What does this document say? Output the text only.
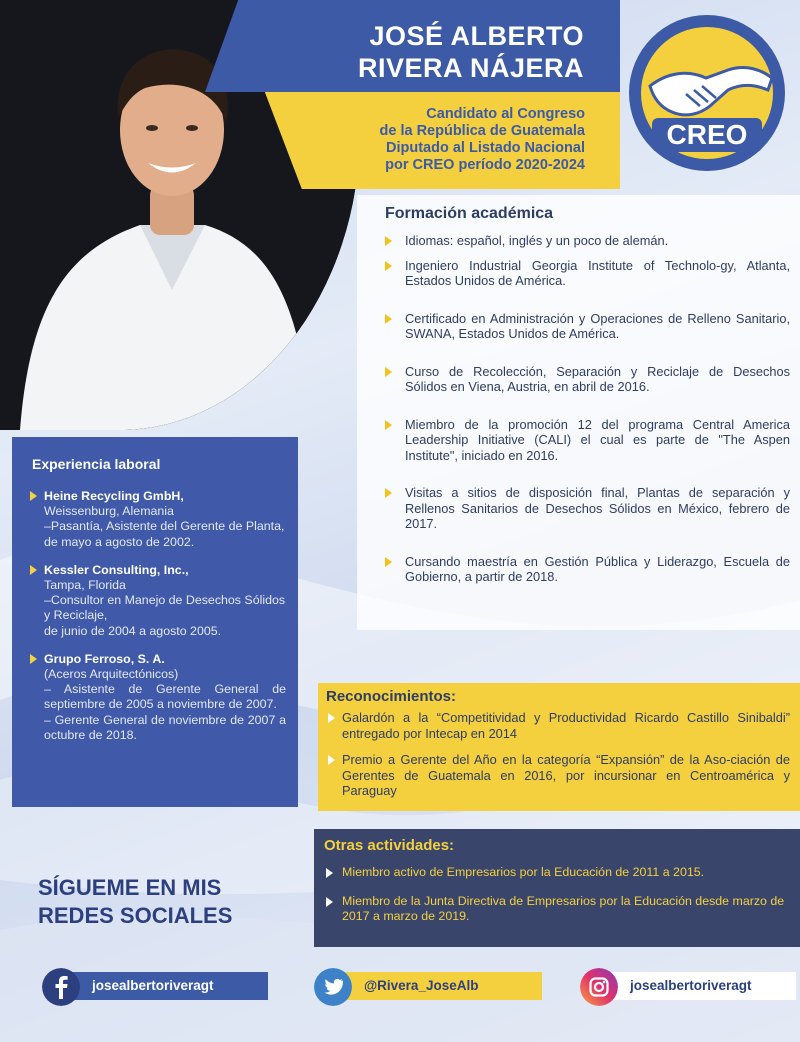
JOSÉ ALBERTO
RIVERA NÁJERA
Candidato al Congreso
de la República de Guatemala
Diputado al Listado Nacional
por CREO período 2020-2024
CREO
Formación académica
Idiomas: español, inglés y un poco de alemán.
Ingeniero Industrial Georgia Institute of Technolo-gy, Atlanta, Estados Unidos de América.
Certificado en Administración y Operaciones de Relleno Sanitario, SWANA, Estados Unidos de América.
Curso de Recolección, Separación y Reciclaje de Desechos Sólidos en Viena, Austria, en abril de 2016.
Miembro de la promoción 12 del programa Central America Leadership Initiative (CALI) el cual es parte de "The Aspen Institute", iniciado en 2016.
Visitas a sitios de disposición final, Plantas de separación y Rellenos Sanitarios de Desechos Sólidos en México, febrero de 2017.
Cursando maestría en Gestión Pública y Liderazgo, Escuela de Gobierno, a partir de 2018.
Experiencia laboral
Heine Recycling GmbH,
Weissenburg, Alemania
–Pasantía, Asistente del Gerente de Planta, de mayo a agosto de 2002.
Kessler Consulting, Inc.,
Tampa, Florida
–Consultor en Manejo de Desechos Sólidos y Reciclaje,
de junio de 2004 a agosto 2005.
Grupo Ferroso, S. A.
(Aceros Arquitectónicos)
– Asistente de Gerente General de septiembre de 2005 a noviembre de 2007.
– Gerente General de noviembre de 2007 a octubre de 2018.
Reconocimientos:
Galardón a la “Competitividad y Productividad Ricardo Castillo Sinibaldi” entregado por Intecap en 2014
Premio a Gerente del Año en la categoría “Expansión” de la Aso-ciación de Gerentes de Guatemala en 2016, por incursionar en Centroamérica y Paraguay
Otras actividades:
Miembro activo de Empresarios por la Educación de 2011 a 2015.
Miembro de la Junta Directiva de Empresarios por la Educación desde marzo de 2017 a marzo de 2019.
SÍGUEME EN MIS
REDES SOCIALES
josealbertoriveragt	@Rivera_JoseAlb	josealbertoriveragt
